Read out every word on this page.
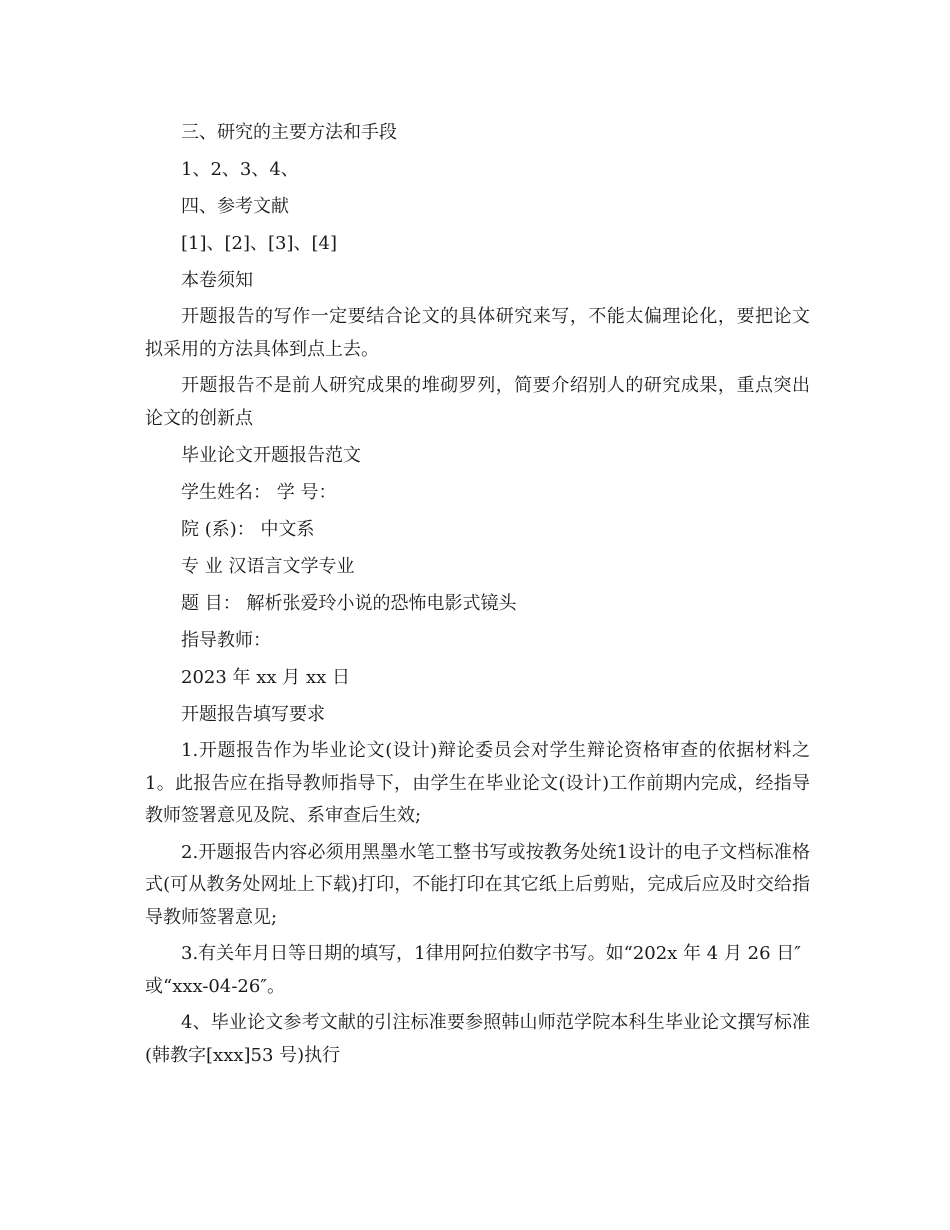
三、研究的主要方法和手段
1、2、3、4、
四、参考文献
[1]、[2]、[3]、[4]
本卷须知

开题报告的写作一定要结合论文的具体研究来写，不能太偏理论化，要把论文拟采用的方法具体到点上去。

开题报告不是前人研究成果的堆砌罗列，简要介绍别人的研究成果，重点突出论文的创新点

毕业论文开题报告范文
学生姓名： 学 号：
院 (系)： 中文系
专 业 汉语言文学专业
题 目： 解析张爱玲小说的恐怖电影式镜头
指导教师：
2023 年 xx 月 xx 日
开题报告填写要求

1.开题报告作为毕业论文(设计)辩论委员会对学生辩论资格审查的依据材料之1。此报告应在指导教师指导下，由学生在毕业论文(设计)工作前期内完成，经指导教师签署意见及院、系审查后生效;

2.开题报告内容必须用黑墨水笔工整书写或按教务处统1设计的电子文档标准格式(可从教务处网址上下载)打印，不能打印在其它纸上后剪贴，完成后应及时交给指导教师签署意见;

3.有关年月日等日期的填写，1律用阿拉伯数字书写。如“202x 年 4 月 26 日″或“xxx-04-26″。

4、毕业论文参考文献的引注标准要参照韩山师范学院本科生毕业论文撰写标准(韩教字[xxx]53 号)执行
